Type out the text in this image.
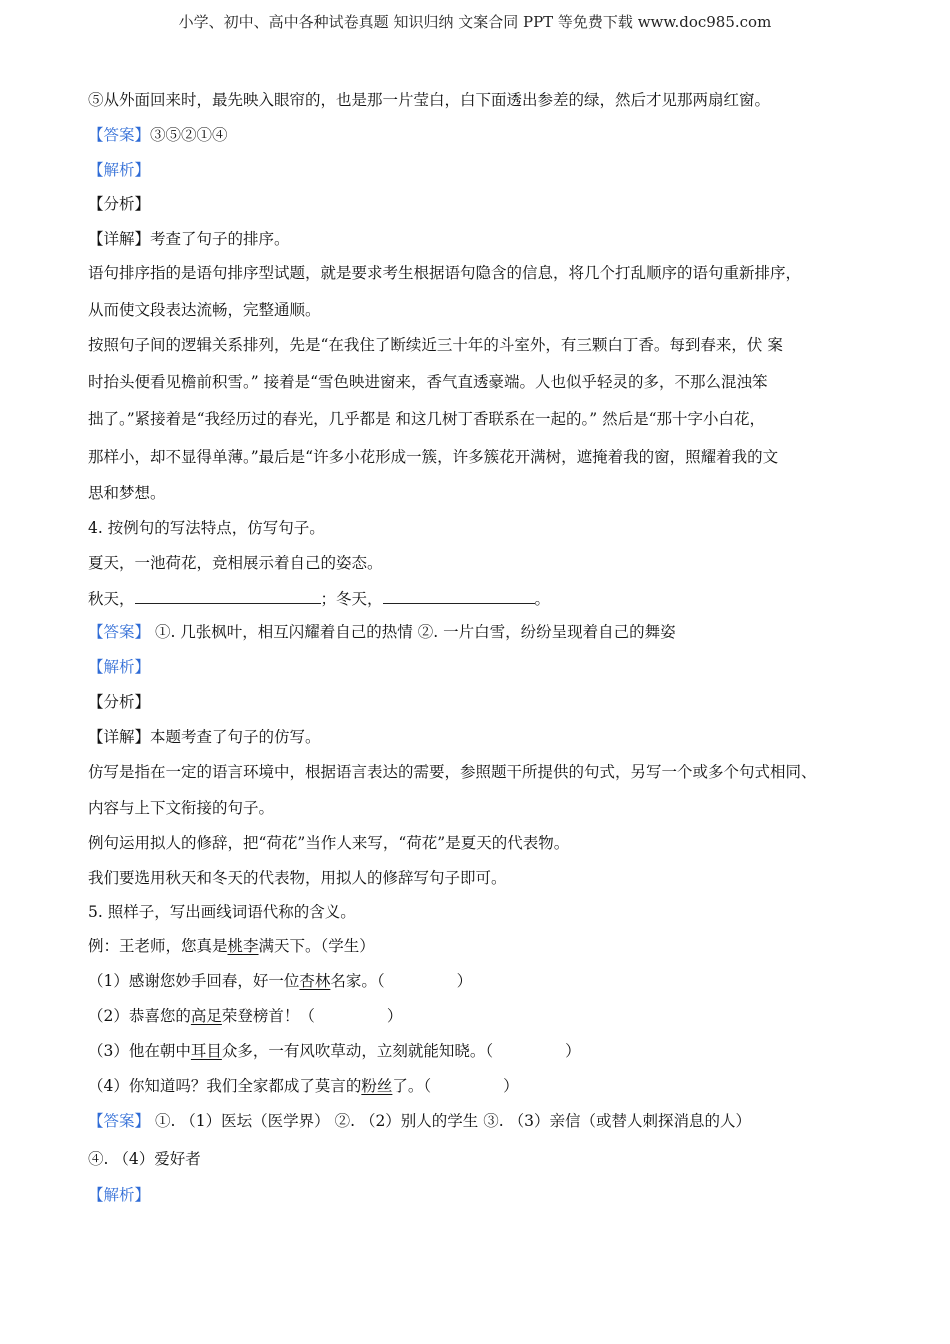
小学、初中、高中各种试卷真题 知识归纳 文案合同 PPT 等免费下载 www.doc985.com
⑤从外面回来时，最先映入眼帘的，也是那一片莹白，白下面透出参差的绿，然后才见那两扇红窗。
【答案】③⑤②①④
【解析】
【分析】
【详解】考查了句子的排序。
语句排序指的是语句排序型试题，就是要求考生根据语句隐含的信息，将几个打乱顺序的语句重新排序，
从而使文段表达流畅，完整通顺。
按照句子间的逻辑关系排列，先是“在我住了断续近三十年的斗室外，有三颗白丁香。每到春来，伏 案
时抬头便看见檐前积雪。” 接着是“雪色映进窗来，香气直透豪端。人也似乎轻灵的多，不那么混浊笨
拙了。”紧接着是“我经历过的春光，几乎都是 和这几树丁香联系在一起的。” 然后是“那十字小白花，
那样小，却不显得单薄。”最后是“许多小花形成一簇，许多簇花开满树，遮掩着我的窗，照耀着我的文
思和梦想。
4. 按例句的写法特点，仿写句子。
夏天，一池荷花，竞相展示着自己的姿态。
秋天，	；冬天，	。
【答案】 ①. 几张枫叶，相互闪耀着自己的热情 ②. 一片白雪，纷纷呈现着自己的舞姿
【解析】
【分析】
【详解】本题考查了句子的仿写。
仿写是指在一定的语言环境中，根据语言表达的需要，参照题干所提供的句式，另写一个或多个句式相同、
内容与上下文衔接的句子。
例句运用拟人的修辞，把“荷花”当作人来写，“荷花”是夏天的代表物。
我们要选用秋天和冬天的代表物，用拟人的修辞写句子即可。
5. 照样子，写出画线词语代称的含义。
例：王老师，您真是桃李满天下。（学生）
（1）感谢您妙手回春，好一位杏林名家。（	）
（2）恭喜您的高足荣登榜首！（	）
（3）他在朝中耳目众多，一有风吹草动，立刻就能知晓。（	）
（4）你知道吗？我们全家都成了莫言的粉丝了。（	）
【答案】 ①. （1）医坛（医学界） ②. （2）别人的学生 ③. （3）亲信（或替人刺探消息的人）
④. （4）爱好者
【解析】
